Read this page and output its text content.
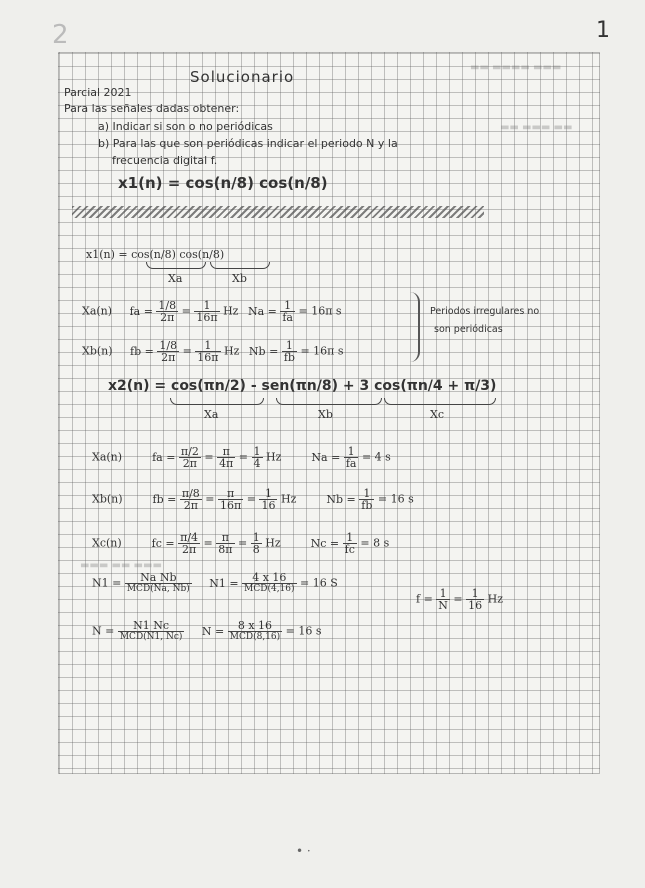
2	1
▬▬▬ ▬▬▬▬ ▬▬
▬▬ ▬▬▬ ▬▬
▬▬▬ ▬▬ ▬▬▬
Solucionario
Parcial 2021
Para las señales dadas obtener:
a) Indicar si son o no periódicas
b) Para las que son periódicas indicar el periodo N y la
frecuencia digital f.
x1(n) = cos(n/8) cos(n/8)
x1(n) = cos(n/8) cos(n/8)
Xa	Xb
Xa(n) fa = $\frac{1/8}{2\pi} = \frac{1}{16\pi}$ Hz $Na = \frac{1}{fa} = 16\pi$ s
Xb(n) fb = $\frac{1/8}{2\pi} = \frac{1}{16\pi}$ Hz $Nb = \frac{1}{fb} = 16\pi$ s
Periodos irregulares no
son periódicas
x2(n) = cos(πn/2) - sen(πn/8) + 3 cos(πn/4 + π/3)
Xa	Xb	Xc
Xa(n)	fa = $\frac{\pi/2}{2\pi} = \frac{\pi}{4\pi} = \frac{1}{4}$ Hz	$Na = \frac{1}{fa} = 4$ s
Xb(n)	fb = $\frac{\pi/8}{2\pi} = \frac{\pi}{16\pi} = \frac{1}{16}$ Hz	$Nb = \frac{1}{fb} = 16$ s
Xc(n)	fc = $\frac{\pi/4}{2\pi} = \frac{\pi}{8\pi} = \frac{1}{8}$ Hz	$Nc = \frac{1}{fc} = 8$ s
$N1 = \frac{\text{Na Nb}}{\text{MCD(Na, Nb)}} N1 = \frac{4 x 16}{\text{MCD(4,16)}} = 16$ S
$N = \frac{N1 Nc}{\text{MCD(N1, Nc)}}$ $N = \frac{8 x 16}{\text{MCD(8,16)}} = 16$ s
$f = \frac{1}{N} = \frac{1}{16}$ Hz
• ·
